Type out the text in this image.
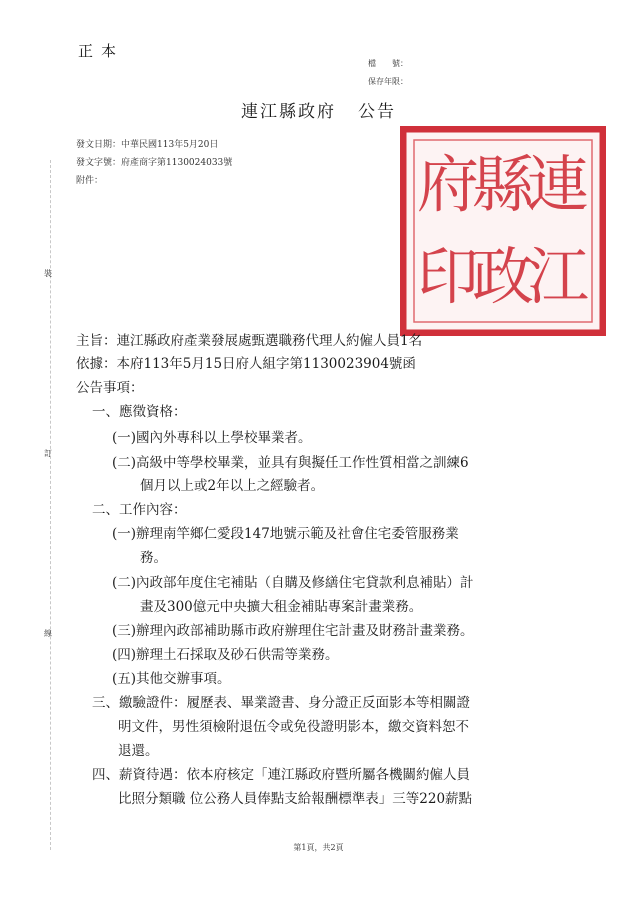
正本
檔　　號：
保存年限：
連江縣政府 公告
發文日期：中華民國113年5月20日
發文字號：府產商字第1130024033號
附件：	連
江
縣
政
府
印
裝
訂
線
主旨：連江縣政府產業發展處甄選職務代理人約僱人員1名
依據：本府113年5月15日府人組字第1130023904號函
公告事項：
一、應徵資格：
(一)國內外專科以上學校畢業者。
(二)高級中等學校畢業，並具有與擬任工作性質相當之訓練6
個月以上或2年以上之經驗者。
二、工作內容：
(一)辦理南竿鄉仁愛段147地號示範及社會住宅委管服務業
務。
(二)內政部年度住宅補貼（自購及修繕住宅貸款利息補貼）計
畫及300億元中央擴大租金補貼專案計畫業務。
(三)辦理內政部補助縣市政府辦理住宅計畫及財務計畫業務。
(四)辦理土石採取及砂石供需等業務。
(五)其他交辦事項。
三、繳驗證件：履歷表、畢業證書、身分證正反面影本等相關證
明文件，男性須檢附退伍令或免役證明影本，繳交資料恕不
退還。
四、薪資待遇：依本府核定「連江縣政府暨所屬各機關約僱人員
比照分類職 位公務人員俸點支給報酬標準表」三等220薪點
第1頁，共2頁
